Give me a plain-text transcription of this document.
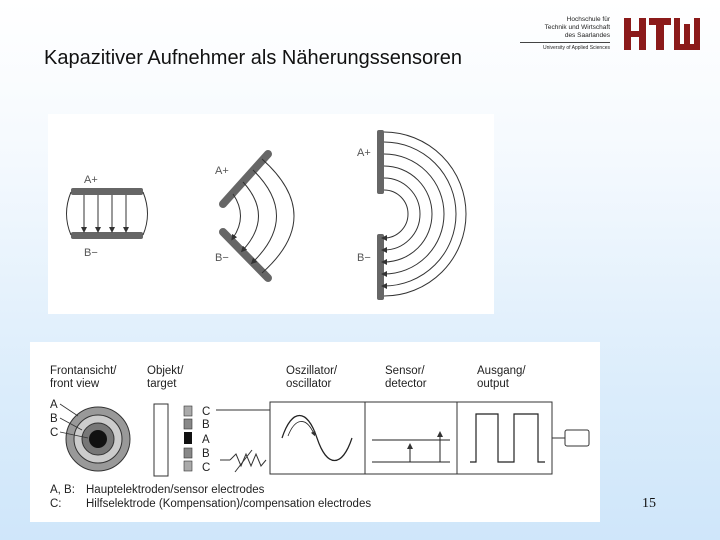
Kapazitiver Aufnehmer als Näherungssensoren
Hochschule für
Technik und Wirtschaft
des Saarlandes
University of Applied Sciences
A+
B−
A+
B−
A+
B−
Frontansicht/
front view
Objekt/
target
Oszillator/
oscillator
Sensor/
detector
Ausgang/
output
A
B
C
C
B
A
B
C
A, B: Hauptelektroden/sensor electrodes
C: Hilfselektrode (Kompensation)/compensation electrodes	15
